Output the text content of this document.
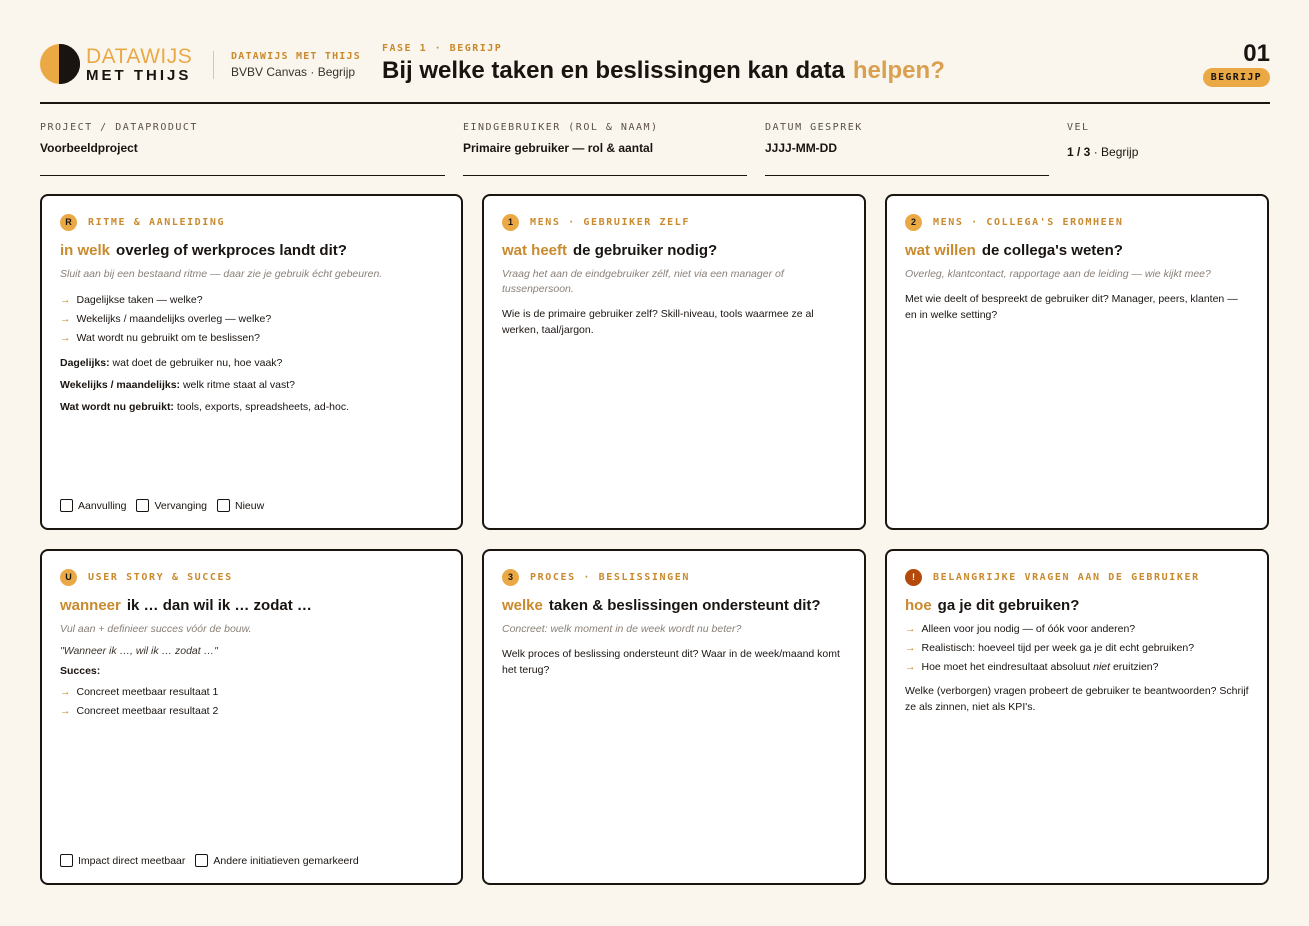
DATAWIJS
MET THIJS
DATAWIJS MET THIJS
BVBV Canvas · Begrijp
FASE 1 · BEGRIJP
Bij welke taken en beslissingen kan data helpen?
01
BEGRIJP
PROJECT / DATAPRODUCT
Voorbeeldproject
EINDGEBRUIKER (ROL & NAAM)
Primaire gebruiker — rol & aantal
DATUM GESPREK
JJJJ-MM-DD
VEL
1 / 3 · Begrijp
R	RITME & AANLEIDING
in welk overleg of werkproces landt dit?
Sluit aan bij een bestaand ritme — daar zie je gebruik écht gebeuren.
→ Dagelijkse taken — welke?
→ Wekelijks / maandelijks overleg — welke?
→ Wat wordt nu gebruikt om te beslissen?
Dagelijks: wat doet de gebruiker nu, hoe vaak?
Wekelijks / maandelijks: welk ritme staat al vast?
Wat wordt nu gebruikt: tools, exports, spreadsheets, ad-hoc.
Aanvulling	Vervanging	Nieuw
1	MENS · GEBRUIKER ZELF
wat heeft de gebruiker nodig?
Vraag het aan de eindgebruiker zélf, niet via een manager of tussenpersoon.
Wie is de primaire gebruiker zelf? Skill-niveau, tools waarmee ze al werken, taal/jargon.
2	MENS · COLLEGA'S EROMHEEN
wat willen de collega's weten?
Overleg, klantcontact, rapportage aan de leiding — wie kijkt mee?
Met wie deelt of bespreekt de gebruiker dit? Manager, peers, klanten — en in welke setting?
U	USER STORY & SUCCES
wanneer ik … dan wil ik … zodat …
Vul aan + definieer succes vóór de bouw.
"Wanneer ik …, wil ik … zodat …"
Succes:
→ Concreet meetbaar resultaat 1
→ Concreet meetbaar resultaat 2
Impact direct meetbaar	Andere initiatieven gemarkeerd
3	PROCES · BESLISSINGEN
welke taken & beslissingen ondersteunt dit?
Concreet: welk moment in de week wordt nu beter?
Welk proces of beslissing ondersteunt dit? Waar in de week/maand komt het terug?
!	BELANGRIJKE VRAGEN AAN DE GEBRUIKER
hoe ga je dit gebruiken?
→ Alleen voor jou nodig — of óók voor anderen?
→ Realistisch: hoeveel tijd per week ga je dit echt gebruiken?
→ Hoe moet het eindresultaat absoluut niet eruitzien?
Welke (verborgen) vragen probeert de gebruiker te beantwoorden? Schrijf ze als zinnen, niet als KPI's.
